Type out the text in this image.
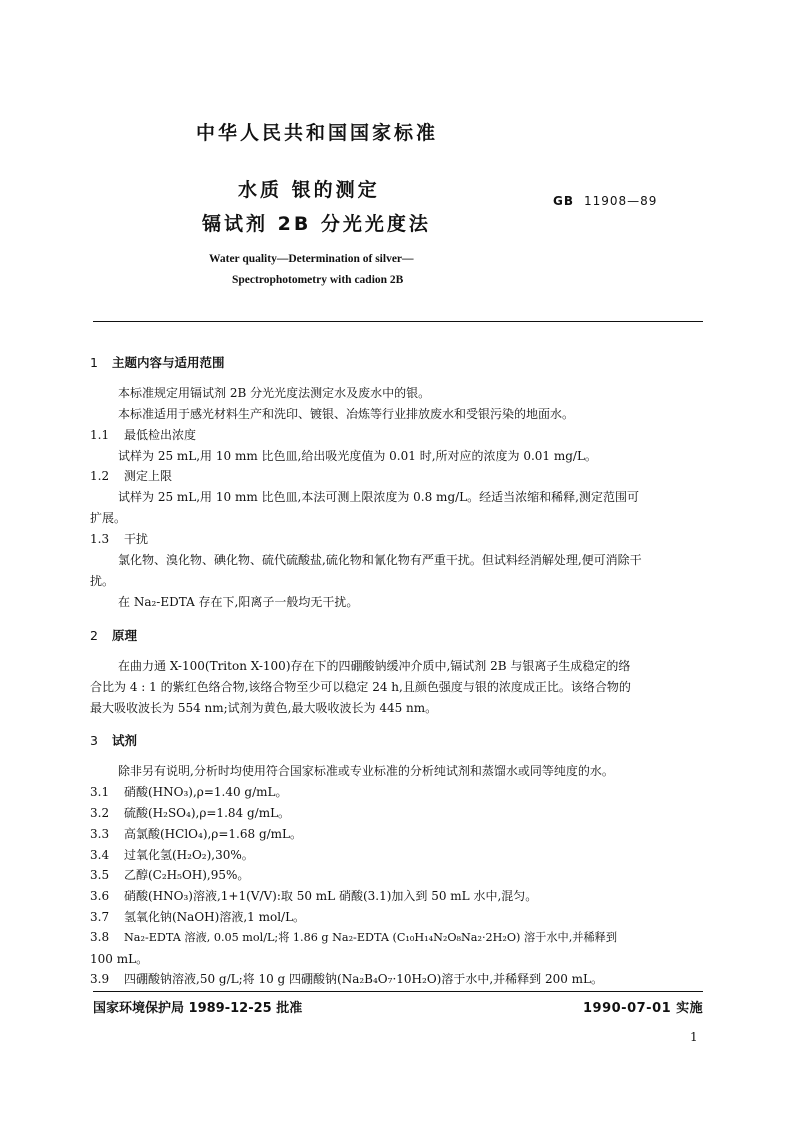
中华人民共和国国家标准
水质 银的测定
镉试剂 2B 分光光度法
GB 11908—89
Water quality—Determination of silver—
Spectrophotometry with cadion 2B
1 主题内容与适用范围
本标准规定用镉试剂 2B 分光光度法测定水及废水中的银。
本标准适用于感光材料生产和洗印、镀银、冶炼等行业排放废水和受银污染的地面水。
1.1 最低检出浓度
试样为 25 mL,用 10 mm 比色皿,给出吸光度值为 0.01 时,所对应的浓度为 0.01 mg/L。
1.2 测定上限
试样为 25 mL,用 10 mm 比色皿,本法可测上限浓度为 0.8 mg/L。经适当浓缩和稀释,测定范围可
扩展。
1.3 干扰
氯化物、溴化物、碘化物、硫代硫酸盐,硫化物和氰化物有严重干扰。但试料经消解处理,便可消除干
扰。
在 Na₂-EDTA 存在下,阳离子一般均无干扰。
2 原理
在曲力通 X-100(Triton X-100)存在下的四硼酸钠缓冲介质中,镉试剂 2B 与银离子生成稳定的络
合比为 4 : 1 的紫红色络合物,该络合物至少可以稳定 24 h,且颜色强度与银的浓度成正比。该络合物的
最大吸收波长为 554 nm;试剂为黄色,最大吸收波长为 445 nm。
3 试剂
除非另有说明,分析时均使用符合国家标准或专业标准的分析纯试剂和蒸馏水或同等纯度的水。
3.1 硝酸(HNO₃),ρ=1.40 g/mL。
3.2 硫酸(H₂SO₄),ρ=1.84 g/mL。
3.3 高氯酸(HClO₄),ρ=1.68 g/mL。
3.4 过氧化氢(H₂O₂),30%。
3.5 乙醇(C₂H₅OH),95%。
3.6 硝酸(HNO₃)溶液,1+1(V/V):取 50 mL 硝酸(3.1)加入到 50 mL 水中,混匀。
3.7 氢氧化钠(NaOH)溶液,1 mol/L。
3.8 Na₂-EDTA 溶液, 0.05 mol/L;将 1.86 g Na₂-EDTA (C₁₀H₁₄N₂O₈Na₂·2H₂O) 溶于水中,并稀释到
100 mL。
3.9 四硼酸钠溶液,50 g/L;将 10 g 四硼酸钠(Na₂B₄O₇·10H₂O)溶于水中,并稀释到 200 mL。
国家环境保护局 1989-12-25 批准	1990-07-01 实施
1
